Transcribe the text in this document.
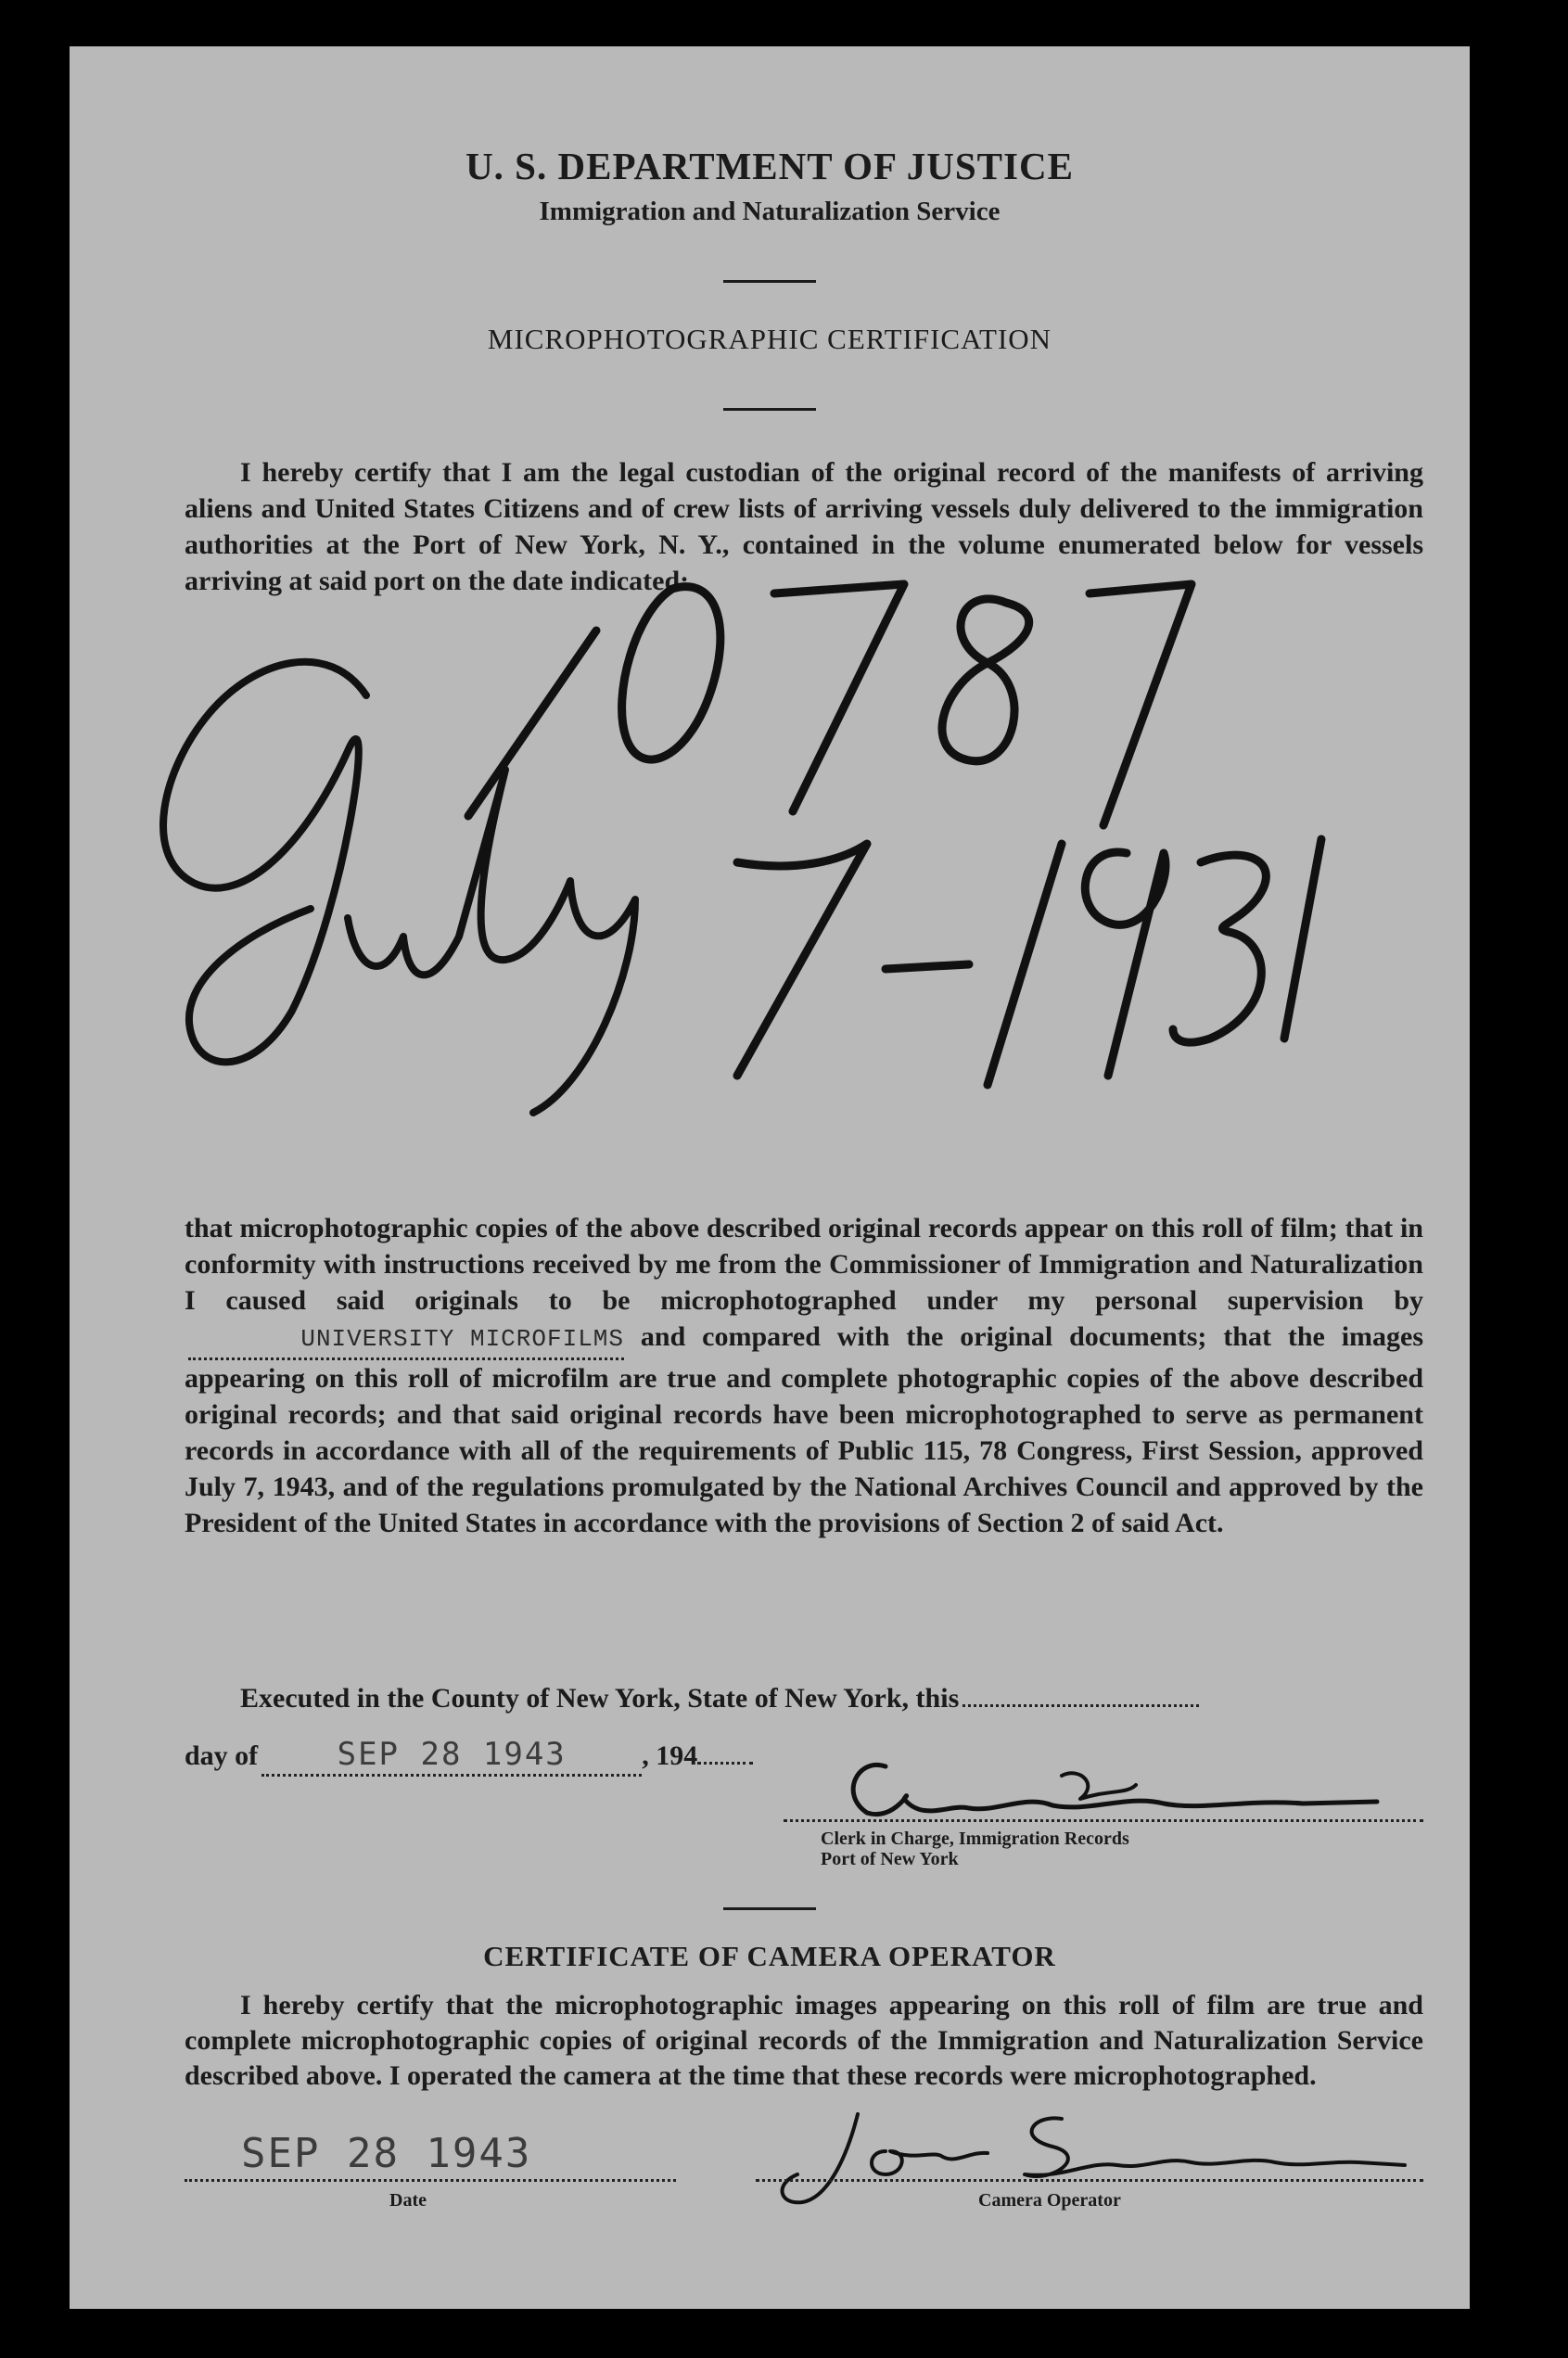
U. S. DEPARTMENT OF JUSTICE
Immigration and Naturalization Service
MICROPHOTOGRAPHIC CERTIFICATION

I hereby certify that I am the legal custodian of the original record of the manifests of arriving aliens and United States Citizens and of crew lists of arriving vessels duly delivered to the immigration authorities at the Port of New York, N. Y., contained in the volume enumerated below for vessels arriving at said port on the date indicated:

that microphotographic copies of the above described original records appear on this roll of film; that in conformity with instructions received by me from the Commissioner of Immigration and Naturalization I caused said originals to be microphotographed under my personal supervision byUNIVERSITY MICROFILMS and compared with the original documents; that the images appearing on this roll of microfilm are true and complete photographic copies of the above described original records; and that said original records have been microphotographed to serve as permanent records in accordance with all of the requirements of Public 115, 78 Congress, First Session, approved July 7, 1943, and of the regulations promulgated by the National Archives Council and approved by the President of the United States in accordance with the provisions of Section 2 of said Act.

Executed in the County of New York, State of New York, this

day of	SEP 28 1943	, 194

Clerk in Charge, Immigration Records
Port of New York
CERTIFICATE OF CAMERA OPERATOR

I hereby certify that the microphotographic images appearing on this roll of film are true and complete microphotographic copies of original records of the Immigration and Naturalization Service described above. I operated the camera at the time that these records were microphotographed.

SEP 28 1943
Date	Camera Operator
